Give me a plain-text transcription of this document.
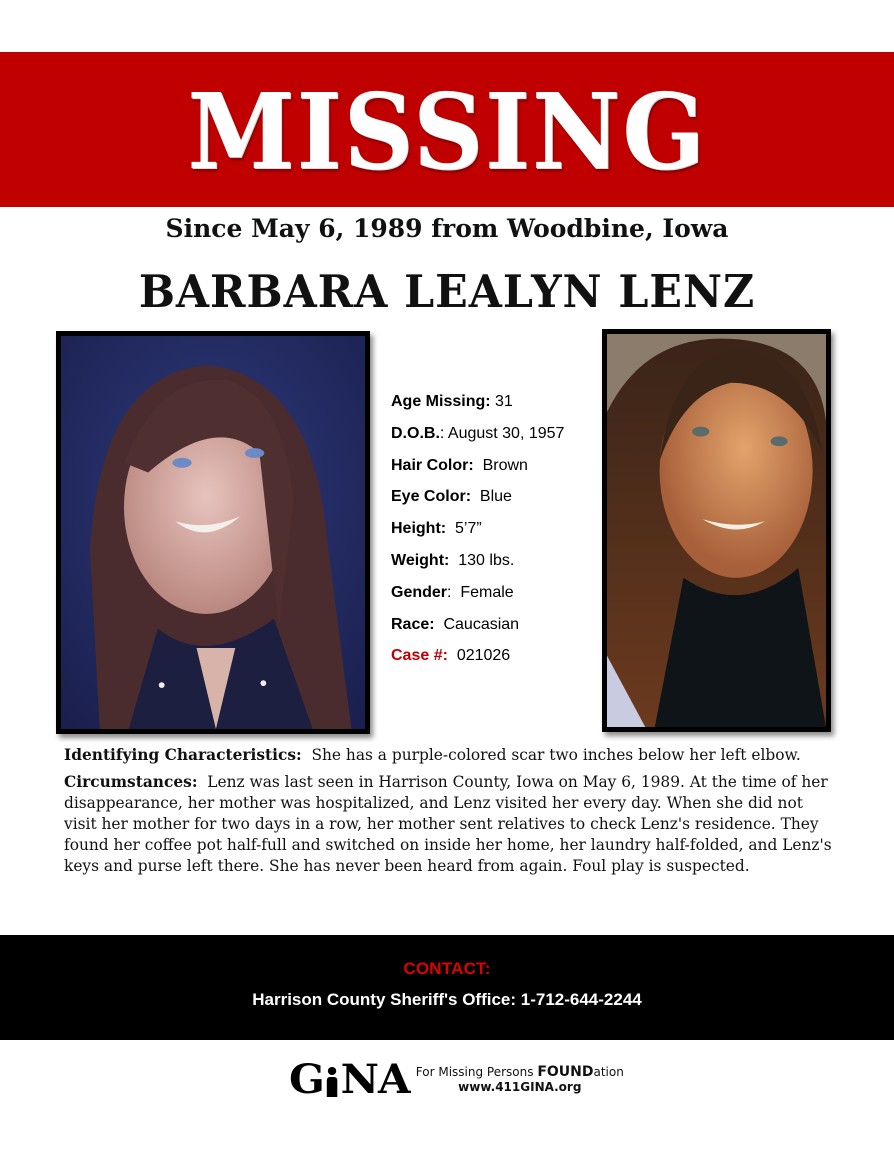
MISSING
Since May 6, 1989 from Woodbine, Iowa
BARBARA LEALYN LENZ
Age Missing: 31
D.O.B.: August 30, 1957
Hair Color:  Brown
Eye Color:  Blue
Height:  5’7”
Weight:  130 lbs.
Gender:  Female
Race:  Caucasian
Case #:  021026

Identifying Characteristics:  She has a purple-colored scar two inches below her left elbow.

Circumstances:  Lenz was last seen in Harrison County, Iowa on May 6, 1989. At the time of her disappearance, her mother was hospitalized, and Lenz visited her every day. When she did not visit her mother for two days in a row, her mother sent relatives to check Lenz's residence. They found her coffee pot half-full and switched on inside her home, her laundry half-folded, and Lenz's keys and purse left there. She has never been heard from again. Foul play is suspected.

CONTACT:
Harrison County Sheriff's Office: 1-712-644-2244
G NA For Missing Persons FOUNDation
www.411GINA.org
